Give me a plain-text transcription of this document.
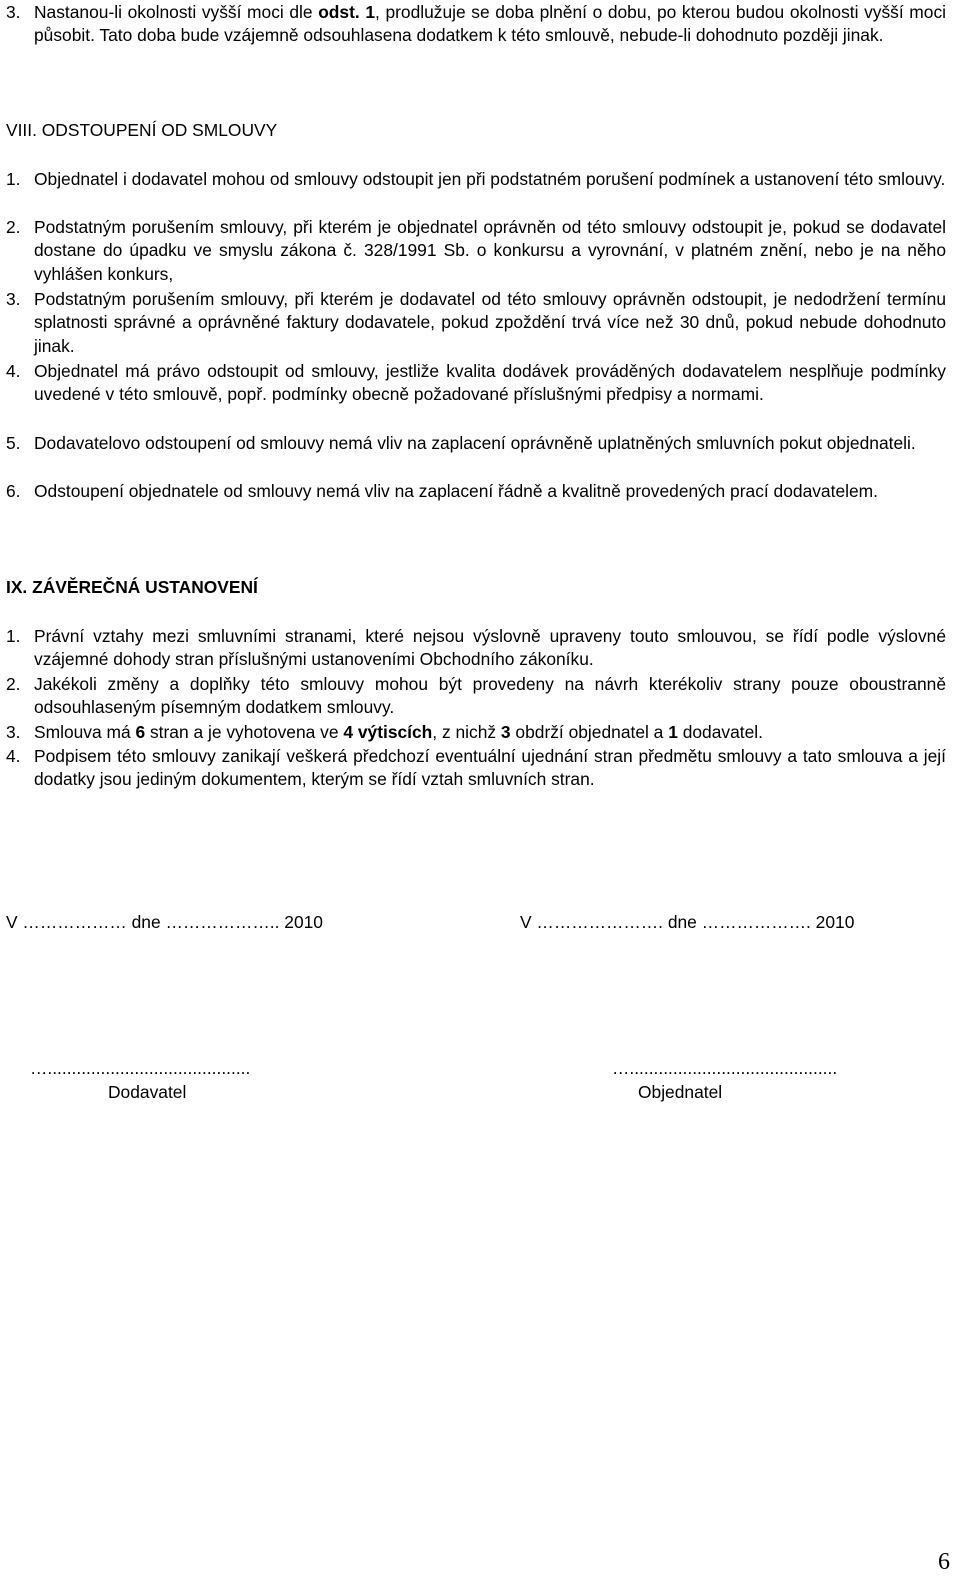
3. Nastanou-li okolnosti vyšší moci dle odst. 1, prodlužuje se doba plnění o dobu, po kterou budou okolnosti vyšší moci působit. Tato doba bude vzájemně odsouhlasena dodatkem k této smlouvě, nebude-li dohodnuto později jinak.
VIII. ODSTOUPENÍ OD SMLOUVY
1. Objednatel i dodavatel mohou od smlouvy odstoupit jen při podstatném porušení podmínek a ustanovení této smlouvy.
2. Podstatným porušením smlouvy, při kterém je objednatel oprávněn od této smlouvy odstoupit je, pokud se dodavatel dostane do úpadku ve smyslu zákona č. 328/1991 Sb. o konkursu a vyrovnání, v platném znění, nebo je na něho vyhlášen konkurs,
3. Podstatným porušením smlouvy, při kterém je dodavatel od této smlouvy oprávněn odstoupit, je nedodržení termínu splatnosti správné a oprávněné faktury dodavatele, pokud zpoždění trvá více než 30 dnů, pokud nebude dohodnuto jinak.
4. Objednatel má právo odstoupit od smlouvy, jestliže kvalita dodávek prováděných dodavatelem nesplňuje podmínky uvedené v této smlouvě, popř. podmínky obecně požadované příslušnými předpisy a normami.
5. Dodavatelovo odstoupení od smlouvy nemá vliv na zaplacení oprávněně uplatněných smluvních pokut objednateli.
6. Odstoupení objednatele od smlouvy nemá vliv na zaplacení řádně a kvalitně provedených prací dodavatelem.
IX. ZÁVĚREČNÁ USTANOVENÍ
1. Právní vztahy mezi smluvními stranami, které nejsou výslovně upraveny touto smlouvou, se řídí podle výslovné vzájemné dohody stran příslušnými ustanoveními Obchodního zákoníku.
2. Jakékoli změny a doplňky této smlouvy mohou být provedeny na návrh kterékoliv strany pouze oboustranně odsouhlaseným písemným dodatkem smlouvy.
3. Smlouva má 6 stran a je vyhotovena ve 4 výtiscích, z nichž 3 obdrží objednatel a 1 dodavatel.
4. Podpisem této smlouvy zanikají veškerá předchozí eventuální ujednání stran předmětu smlouvy a tato smlouva a její dodatky jsou jediným dokumentem, kterým se řídí vztah smluvních stran.
V ……………… dne ……………….. 2010	V …………………. dne ………………. 2010
…..........................................	…...........................................
Dodavatel	Objednatel
6
